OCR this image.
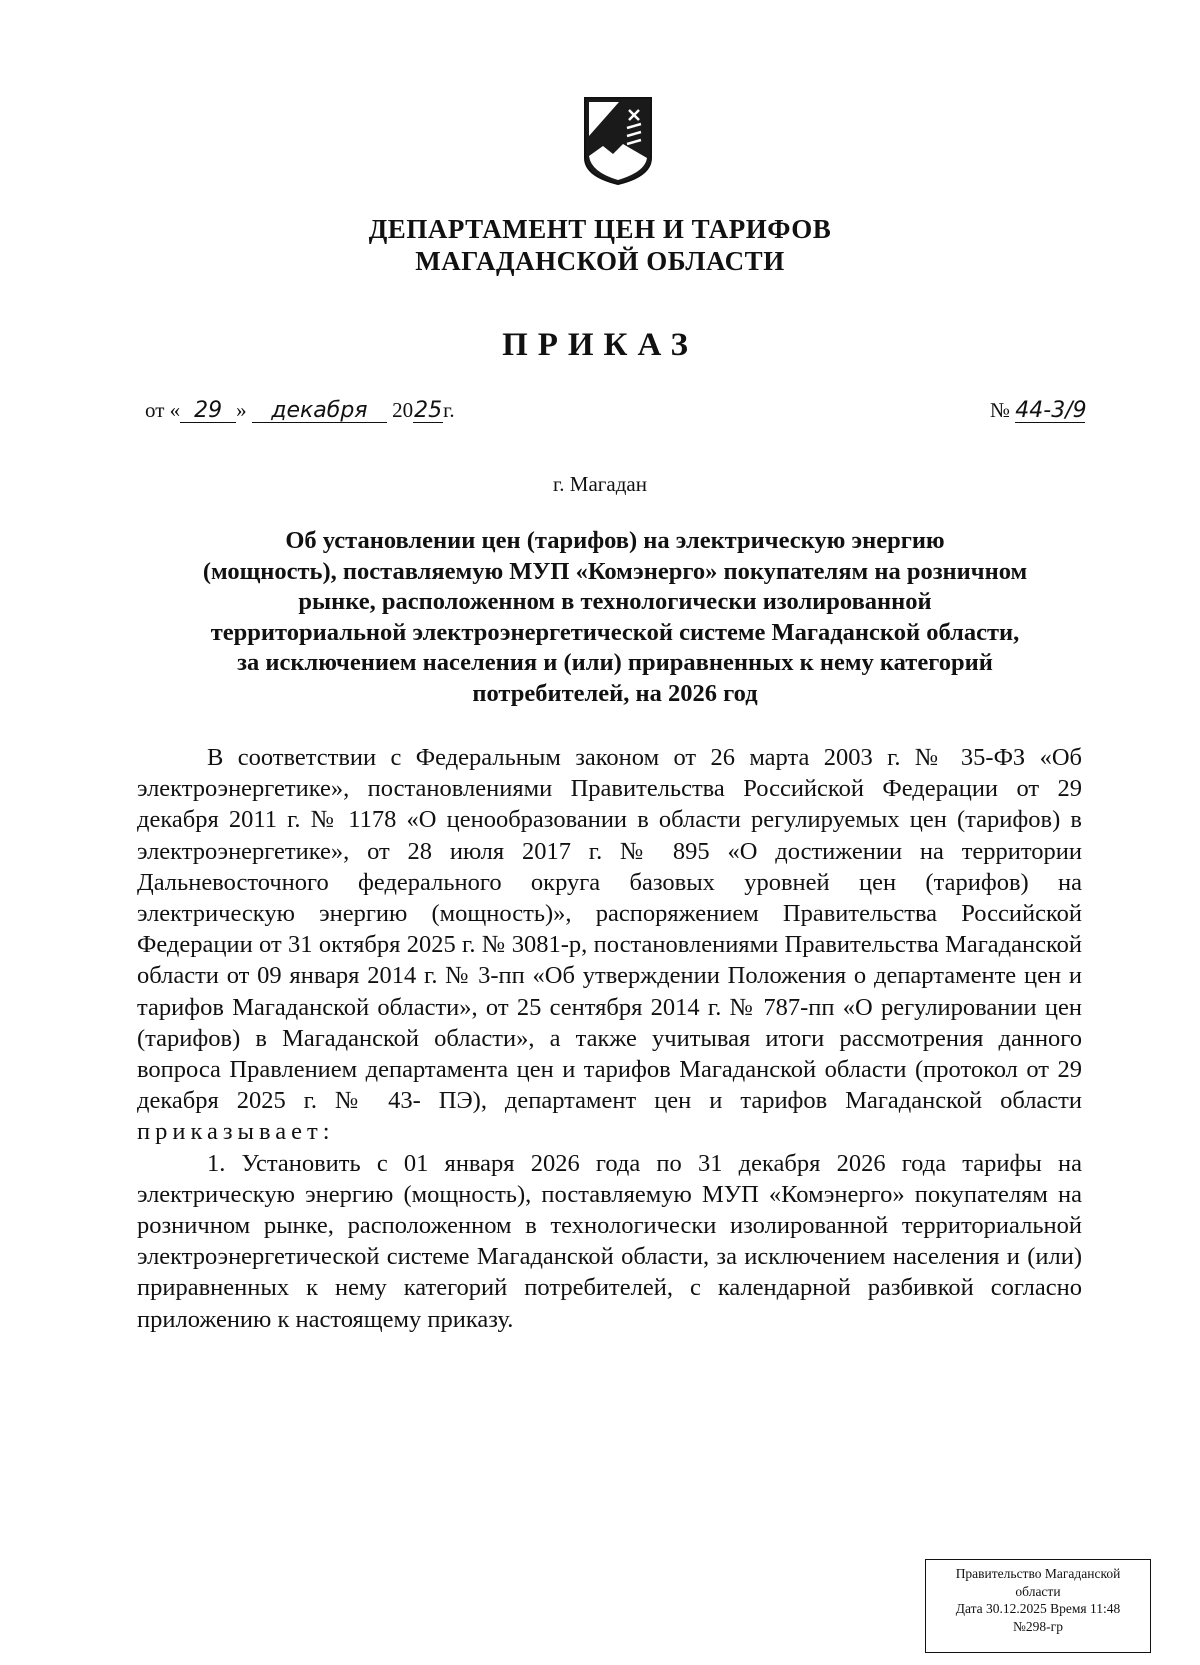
ДЕПАРТАМЕНТ ЦЕН И ТАРИФОВ
МАГАДАНСКОЙ ОБЛАСТИ
ПРИКАЗ
от « 29 » декабря 2025г.	№ 44-3/9
г. Магадан
Об установлении цен (тарифов) на электрическую энергию
(мощность), поставляемую МУП «Комэнерго» покупателям на розничном
рынке, расположенном в технологически изолированной
территориальной электроэнергетической системе Магаданской области,
за исключением населения и (или) приравненных к нему категорий
потребителей, на 2026 год

В соответствии с Федеральным законом от 26 марта 2003 г. № 35-ФЗ «Об электроэнергетике», постановлениями Правительства Российской Федерации от 29 декабря 2011 г. № 1178 «О ценообразовании в области регулируемых цен (тарифов) в электроэнергетике», от 28 июля 2017 г. № 895 «О достижении на территории Дальневосточного федерального округа базовых уровней цен (тарифов) на электрическую энергию (мощность)», распоряжением Правительства Российской Федерации от 31 октября 2025 г. № 3081-р, постановлениями Правительства Магаданской области от 09 января 2014 г. № 3-пп «Об утверждении Положения о департаменте цен и тарифов Магаданской области», от 25 сентября 2014 г. № 787-пп «О регулировании цен (тарифов) в Магаданской области», а также учитывая итоги рассмотрения данного вопроса Правлением департамента цен и тарифов Магаданской области (протокол от 29 декабря 2025 г. № 43- ПЭ), департамент цен и тарифов Магаданской области приказывает:

1. Установить с 01 января 2026 года по 31 декабря 2026 года тарифы на электрическую энергию (мощность), поставляемую МУП «Комэнерго» покупателям на розничном рынке, расположенном в технологически изолированной территориальной электроэнергетической системе Магаданской области, за исключением населения и (или) приравненных к нему категорий потребителей, с календарной разбивкой согласно приложению к настоящему приказу.

Правительство Магаданской
области
Дата 30.12.2025 Время 11:48
№298-гр
